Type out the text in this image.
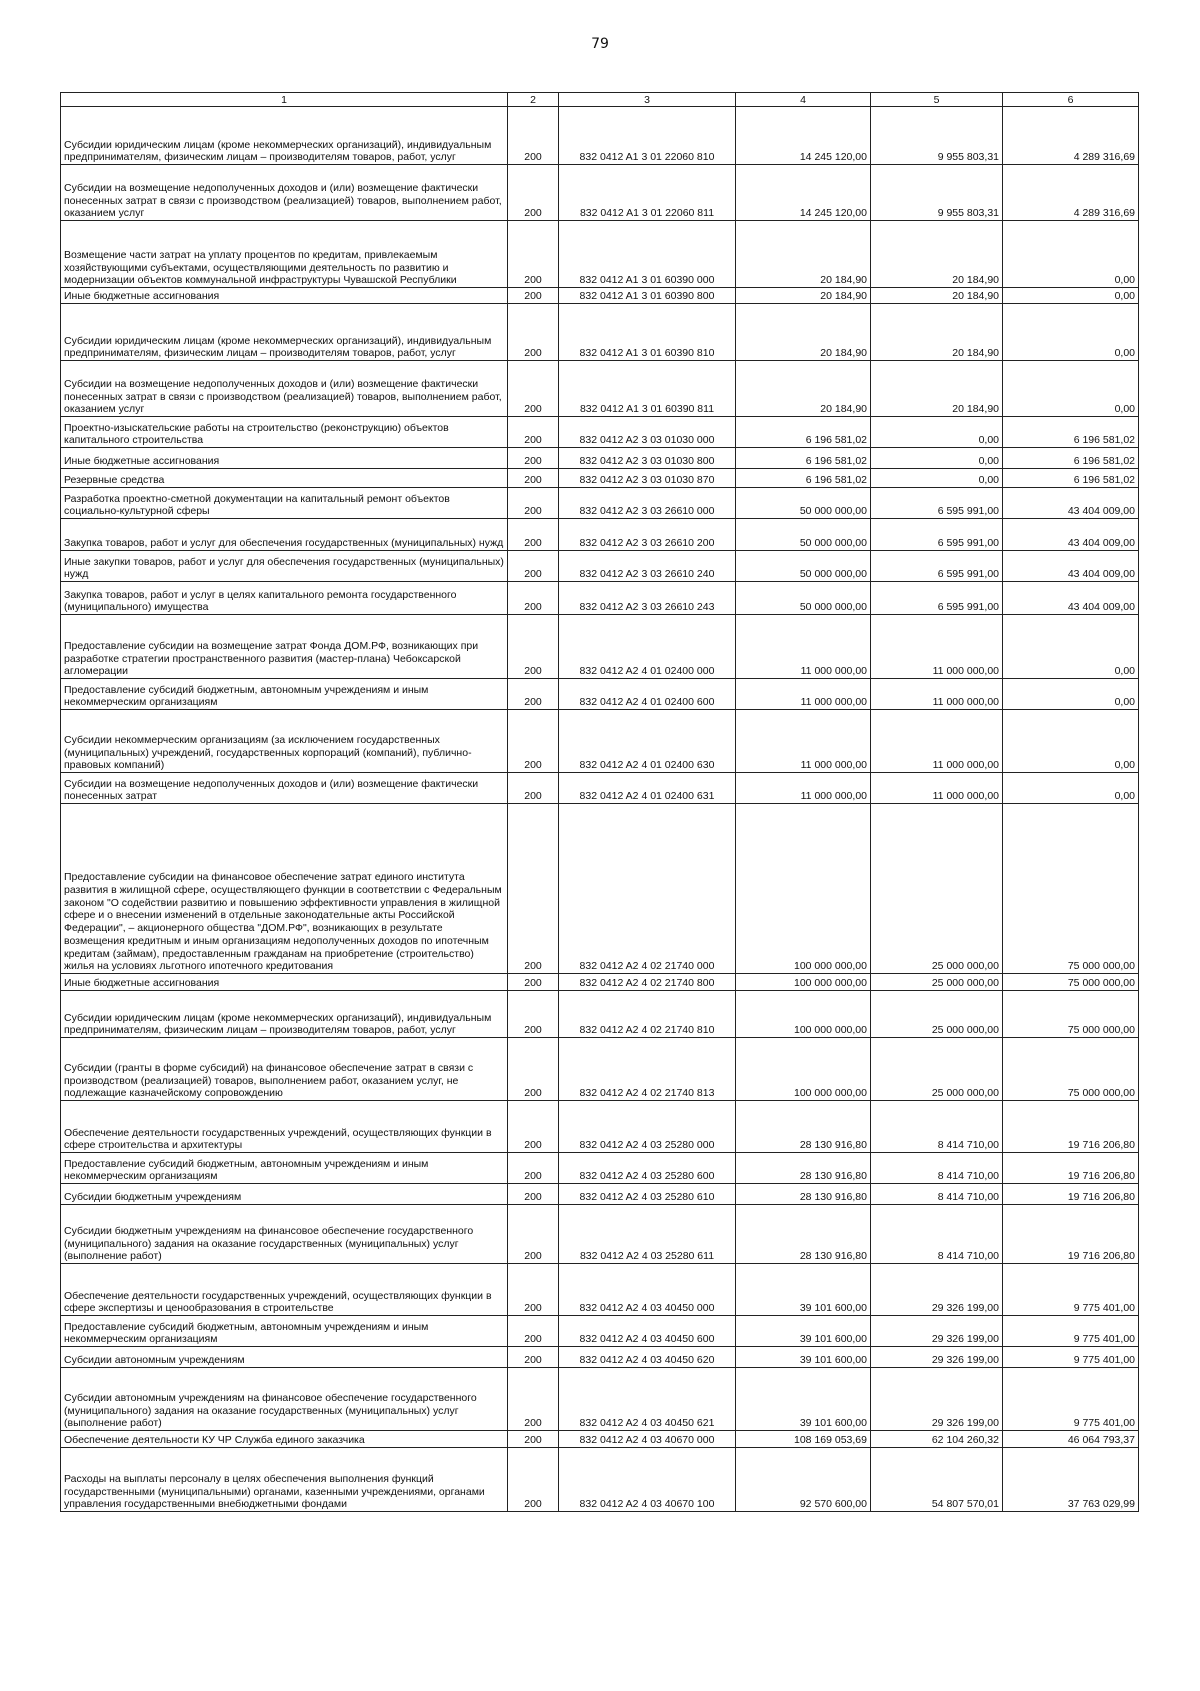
79
1	2	3	4	5	6
Субсидии юридическим лицам (кроме некоммерческих организаций), индивидуальным предпринимателям, физическим лицам – производителям товаров, работ, услуг	200	832 0412 A1 3 01 22060 810	14 245 120,00	9 955 803,31	4 289 316,69
Субсидии на возмещение недополученных доходов и (или) возмещение фактически понесенных затрат в связи с производством (реализацией) товаров, выполнением работ, оказанием услуг	200	832 0412 A1 3 01 22060 811	14 245 120,00	9 955 803,31	4 289 316,69
Возмещение части затрат на уплату процентов по кредитам, привлекаемым хозяйствующими субъектами, осуществляющими деятельность по развитию и модернизации объектов коммунальной инфраструктуры Чувашской Республики	200	832 0412 A1 3 01 60390 000	20 184,90	20 184,90	0,00
Иные бюджетные ассигнования	200	832 0412 A1 3 01 60390 800	20 184,90	20 184,90	0,00
Субсидии юридическим лицам (кроме некоммерческих организаций), индивидуальным предпринимателям, физическим лицам – производителям товаров, работ, услуг	200	832 0412 A1 3 01 60390 810	20 184,90	20 184,90	0,00
Субсидии на возмещение недополученных доходов и (или) возмещение фактически понесенных затрат в связи с производством (реализацией) товаров, выполнением работ, оказанием услуг	200	832 0412 A1 3 01 60390 811	20 184,90	20 184,90	0,00
Проектно-изыскательские работы на строительство (реконструкцию) объектов капитального строительства	200	832 0412 A2 3 03 01030 000	6 196 581,02	0,00	6 196 581,02
Иные бюджетные ассигнования	200	832 0412 A2 3 03 01030 800	6 196 581,02	0,00	6 196 581,02
Резервные средства	200	832 0412 A2 3 03 01030 870	6 196 581,02	0,00	6 196 581,02
Разработка проектно-сметной документации на капитальный ремонт объектов социально-культурной сферы	200	832 0412 A2 3 03 26610 000	50 000 000,00	6 595 991,00	43 404 009,00
Закупка товаров, работ и услуг для обеспечения государственных (муниципальных) нужд	200	832 0412 A2 3 03 26610 200	50 000 000,00	6 595 991,00	43 404 009,00
Иные закупки товаров, работ и услуг для обеспечения государственных (муниципальных) нужд	200	832 0412 A2 3 03 26610 240	50 000 000,00	6 595 991,00	43 404 009,00
Закупка товаров, работ и услуг в целях капитального ремонта государственного (муниципального) имущества	200	832 0412 A2 3 03 26610 243	50 000 000,00	6 595 991,00	43 404 009,00
Предоставление субсидии на возмещение затрат Фонда ДОМ.РФ, возникающих при разработке стратегии пространственного развития (мастер-плана) Чебоксарской агломерации	200	832 0412 A2 4 01 02400 000	11 000 000,00	11 000 000,00	0,00
Предоставление субсидий бюджетным, автономным учреждениям и иным некоммерческим организациям	200	832 0412 A2 4 01 02400 600	11 000 000,00	11 000 000,00	0,00
Субсидии некоммерческим организациям (за исключением государственных (муниципальных) учреждений, государственных корпораций (компаний), публично-правовых компаний)	200	832 0412 A2 4 01 02400 630	11 000 000,00	11 000 000,00	0,00
Субсидии на возмещение недополученных доходов и (или) возмещение фактически понесенных затрат	200	832 0412 A2 4 01 02400 631	11 000 000,00	11 000 000,00	0,00
Предоставление субсидии на финансовое обеспечение затрат единого института развития в жилищной сфере, осуществляющего функции в соответствии с Федеральным законом "О содействии развитию и повышению эффективности управления в жилищной сфере и о внесении изменений в отдельные законодательные акты Российской Федерации", – акционерного общества "ДОМ.РФ", возникающих в результате возмещения кредитным и иным организациям недополученных доходов по ипотечным кредитам (займам), предоставленным гражданам на приобретение (строительство) жилья на условиях льготного ипотечного кредитования	200	832 0412 A2 4 02 21740 000	100 000 000,00	25 000 000,00	75 000 000,00
Иные бюджетные ассигнования	200	832 0412 A2 4 02 21740 800	100 000 000,00	25 000 000,00	75 000 000,00
Субсидии юридическим лицам (кроме некоммерческих организаций), индивидуальным предпринимателям, физическим лицам – производителям товаров, работ, услуг	200	832 0412 A2 4 02 21740 810	100 000 000,00	25 000 000,00	75 000 000,00
Субсидии (гранты в форме субсидий) на финансовое обеспечение затрат в связи с производством (реализацией) товаров, выполнением работ, оказанием услуг, не подлежащие казначейскому сопровождению	200	832 0412 A2 4 02 21740 813	100 000 000,00	25 000 000,00	75 000 000,00
Обеспечение деятельности государственных учреждений, осуществляющих функции в сфере строительства и архитектуры	200	832 0412 A2 4 03 25280 000	28 130 916,80	8 414 710,00	19 716 206,80
Предоставление субсидий бюджетным, автономным учреждениям и иным некоммерческим организациям	200	832 0412 A2 4 03 25280 600	28 130 916,80	8 414 710,00	19 716 206,80
Субсидии бюджетным учреждениям	200	832 0412 A2 4 03 25280 610	28 130 916,80	8 414 710,00	19 716 206,80
Субсидии бюджетным учреждениям на финансовое обеспечение государственного (муниципального) задания на оказание государственных (муниципальных) услуг (выполнение работ)	200	832 0412 A2 4 03 25280 611	28 130 916,80	8 414 710,00	19 716 206,80
Обеспечение деятельности государственных учреждений, осуществляющих функции в сфере экспертизы и ценообразования в строительстве	200	832 0412 A2 4 03 40450 000	39 101 600,00	29 326 199,00	9 775 401,00
Предоставление субсидий бюджетным, автономным учреждениям и иным некоммерческим организациям	200	832 0412 A2 4 03 40450 600	39 101 600,00	29 326 199,00	9 775 401,00
Субсидии автономным учреждениям	200	832 0412 A2 4 03 40450 620	39 101 600,00	29 326 199,00	9 775 401,00
Субсидии автономным учреждениям на финансовое обеспечение государственного (муниципального) задания на оказание государственных (муниципальных) услуг (выполнение работ)	200	832 0412 A2 4 03 40450 621	39 101 600,00	29 326 199,00	9 775 401,00
Обеспечение деятельности КУ ЧР Служба единого заказчика	200	832 0412 A2 4 03 40670 000	108 169 053,69	62 104 260,32	46 064 793,37
Расходы на выплаты персоналу в целях обеспечения выполнения функций государственными (муниципальными) органами, казенными учреждениями, органами управления государственными внебюджетными фондами	200	832 0412 A2 4 03 40670 100	92 570 600,00	54 807 570,01	37 763 029,99
